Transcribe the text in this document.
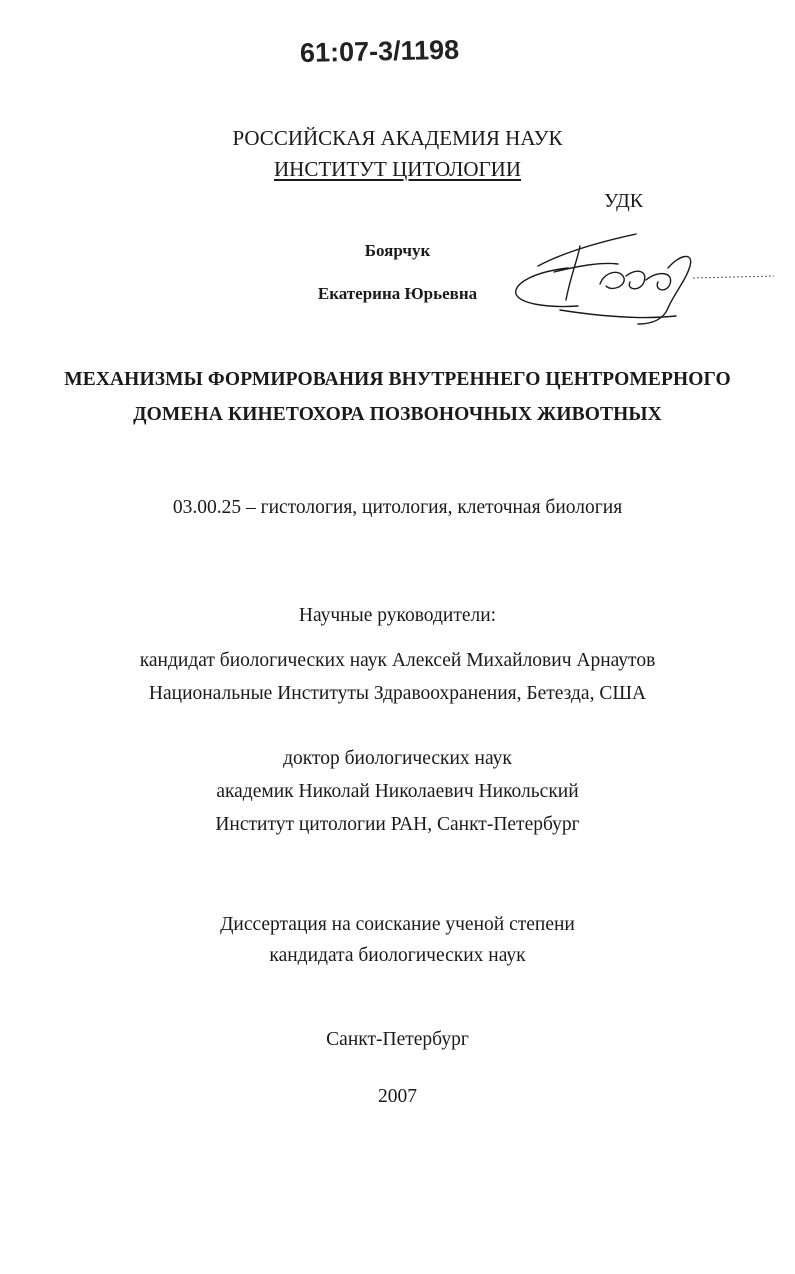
61:07-3/1198
РОССИЙСКАЯ АКАДЕМИЯ НАУК
ИНСТИТУТ ЦИТОЛОГИИ
УДК
Боярчук
Екатерина Юрьевна
МЕХАНИЗМЫ ФОРМИРОВАНИЯ ВНУТРЕННЕГО ЦЕНТРОМЕРНОГО
ДОМЕНА КИНЕТОХОРА ПОЗВОНОЧНЫХ ЖИВОТНЫХ
03.00.25 – гистология, цитология, клеточная биология
Научные руководители:
кандидат биологических наук Алексей Михайлович Арнаутов
Национальные Институты Здравоохранения, Бетезда, США
доктор биологических наук
академик Николай Николаевич Никольский
Институт цитологии РАН, Санкт-Петербург
Диссертация на соискание ученой степени
кандидата биологических наук
Санкт-Петербург
2007
